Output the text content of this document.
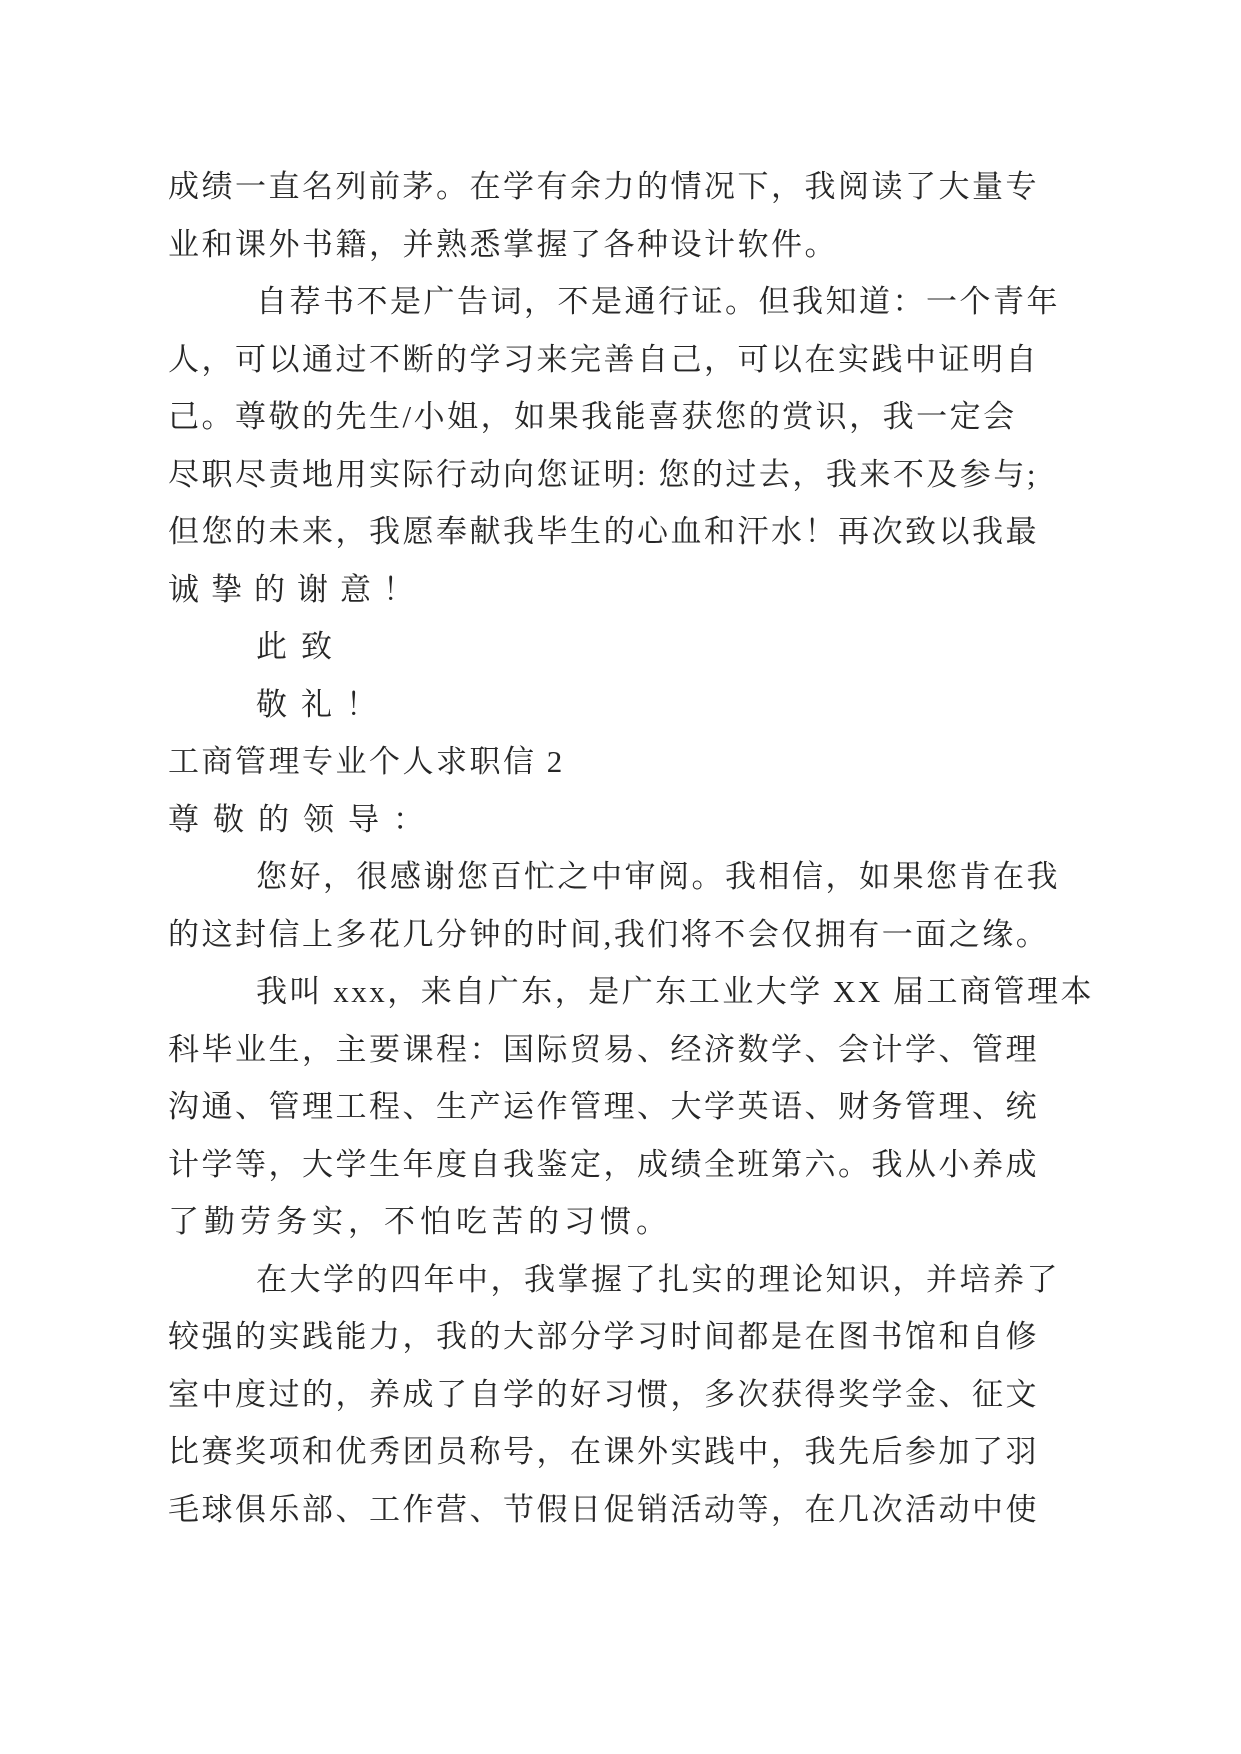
成绩一直名列前茅。在学有余力的情况下，我阅读了大量专
业和课外书籍，并熟悉掌握了各种设计软件。
自荐书不是广告词，不是通行证。但我知道：一个青年
人，可以通过不断的学习来完善自己，可以在实践中证明自
己。尊敬的先生/小姐，如果我能喜获您的赏识，我一定会
尽职尽责地用实际行动向您证明: 您的过去，我来不及参与;
但您的未来，我愿奉献我毕生的心血和汗水！再次致以我最
诚挚的谢意！
此致
敬礼！
工商管理专业个人求职信 2
尊敬的领导：
您好，很感谢您百忙之中审阅。我相信，如果您肯在我
的这封信上多花几分钟的时间,我们将不会仅拥有一面之缘。
我叫 xxx，来自广东，是广东工业大学 XX 届工商管理本
科毕业生，主要课程：国际贸易、经济数学、会计学、管理
沟通、管理工程、生产运作管理、大学英语、财务管理、统
计学等，大学生年度自我鉴定，成绩全班第六。我从小养成
了勤劳务实，不怕吃苦的习惯。
在大学的四年中，我掌握了扎实的理论知识，并培养了
较强的实践能力，我的大部分学习时间都是在图书馆和自修
室中度过的，养成了自学的好习惯，多次获得奖学金、征文
比赛奖项和优秀团员称号，在课外实践中，我先后参加了羽
毛球俱乐部、工作营、节假日促销活动等，在几次活动中使
